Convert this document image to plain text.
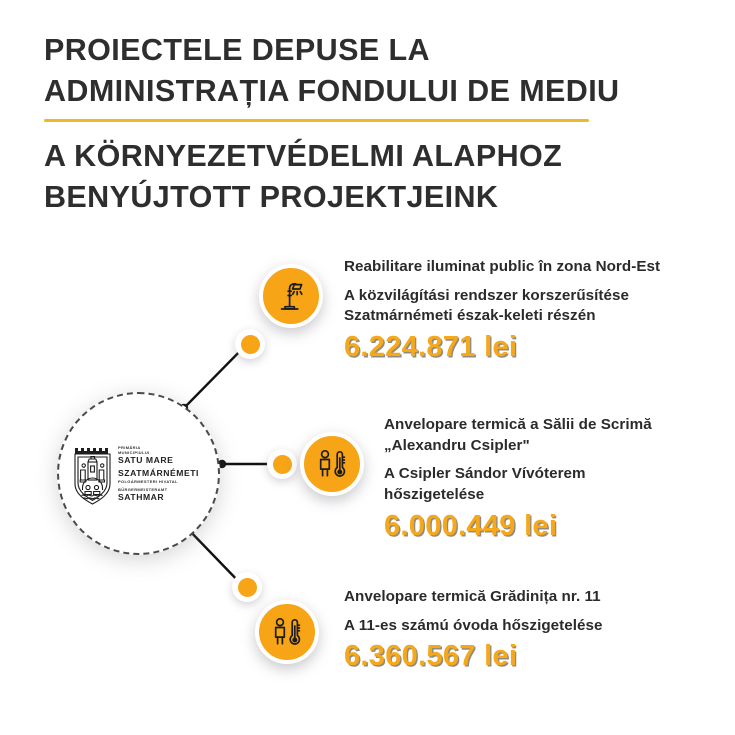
PROIECTELE DEPUSE LA
ADMINISTRAȚIA FONDULUI DE MEDIU
A KÖRNYEZETVÉDELMI ALAPHOZ
BENYÚJTOTT PROJEKTJEINK
PRIMĂRIA
MUNICIPIULUI
SATU MARE
SZATMÁRNÉMETI
POLGÁRMESTERI HIVATAL
BÜRGERMEISTERAMT
SATHMAR
Reabilitare iluminat public în zona Nord-Est
A közvilágítási rendszer korszerűsítése
Szatmárnémeti észak-keleti részén
6.224.871 lei
Anvelopare termică a Sălii de Scrimă
„Alexandru Csipler"
A Csipler Sándor Vívóterem
hőszigetelése
6.000.449 lei
Anvelopare termică Grădinița nr. 11
A 11-es számú óvoda hőszigetelése
6.360.567 lei
